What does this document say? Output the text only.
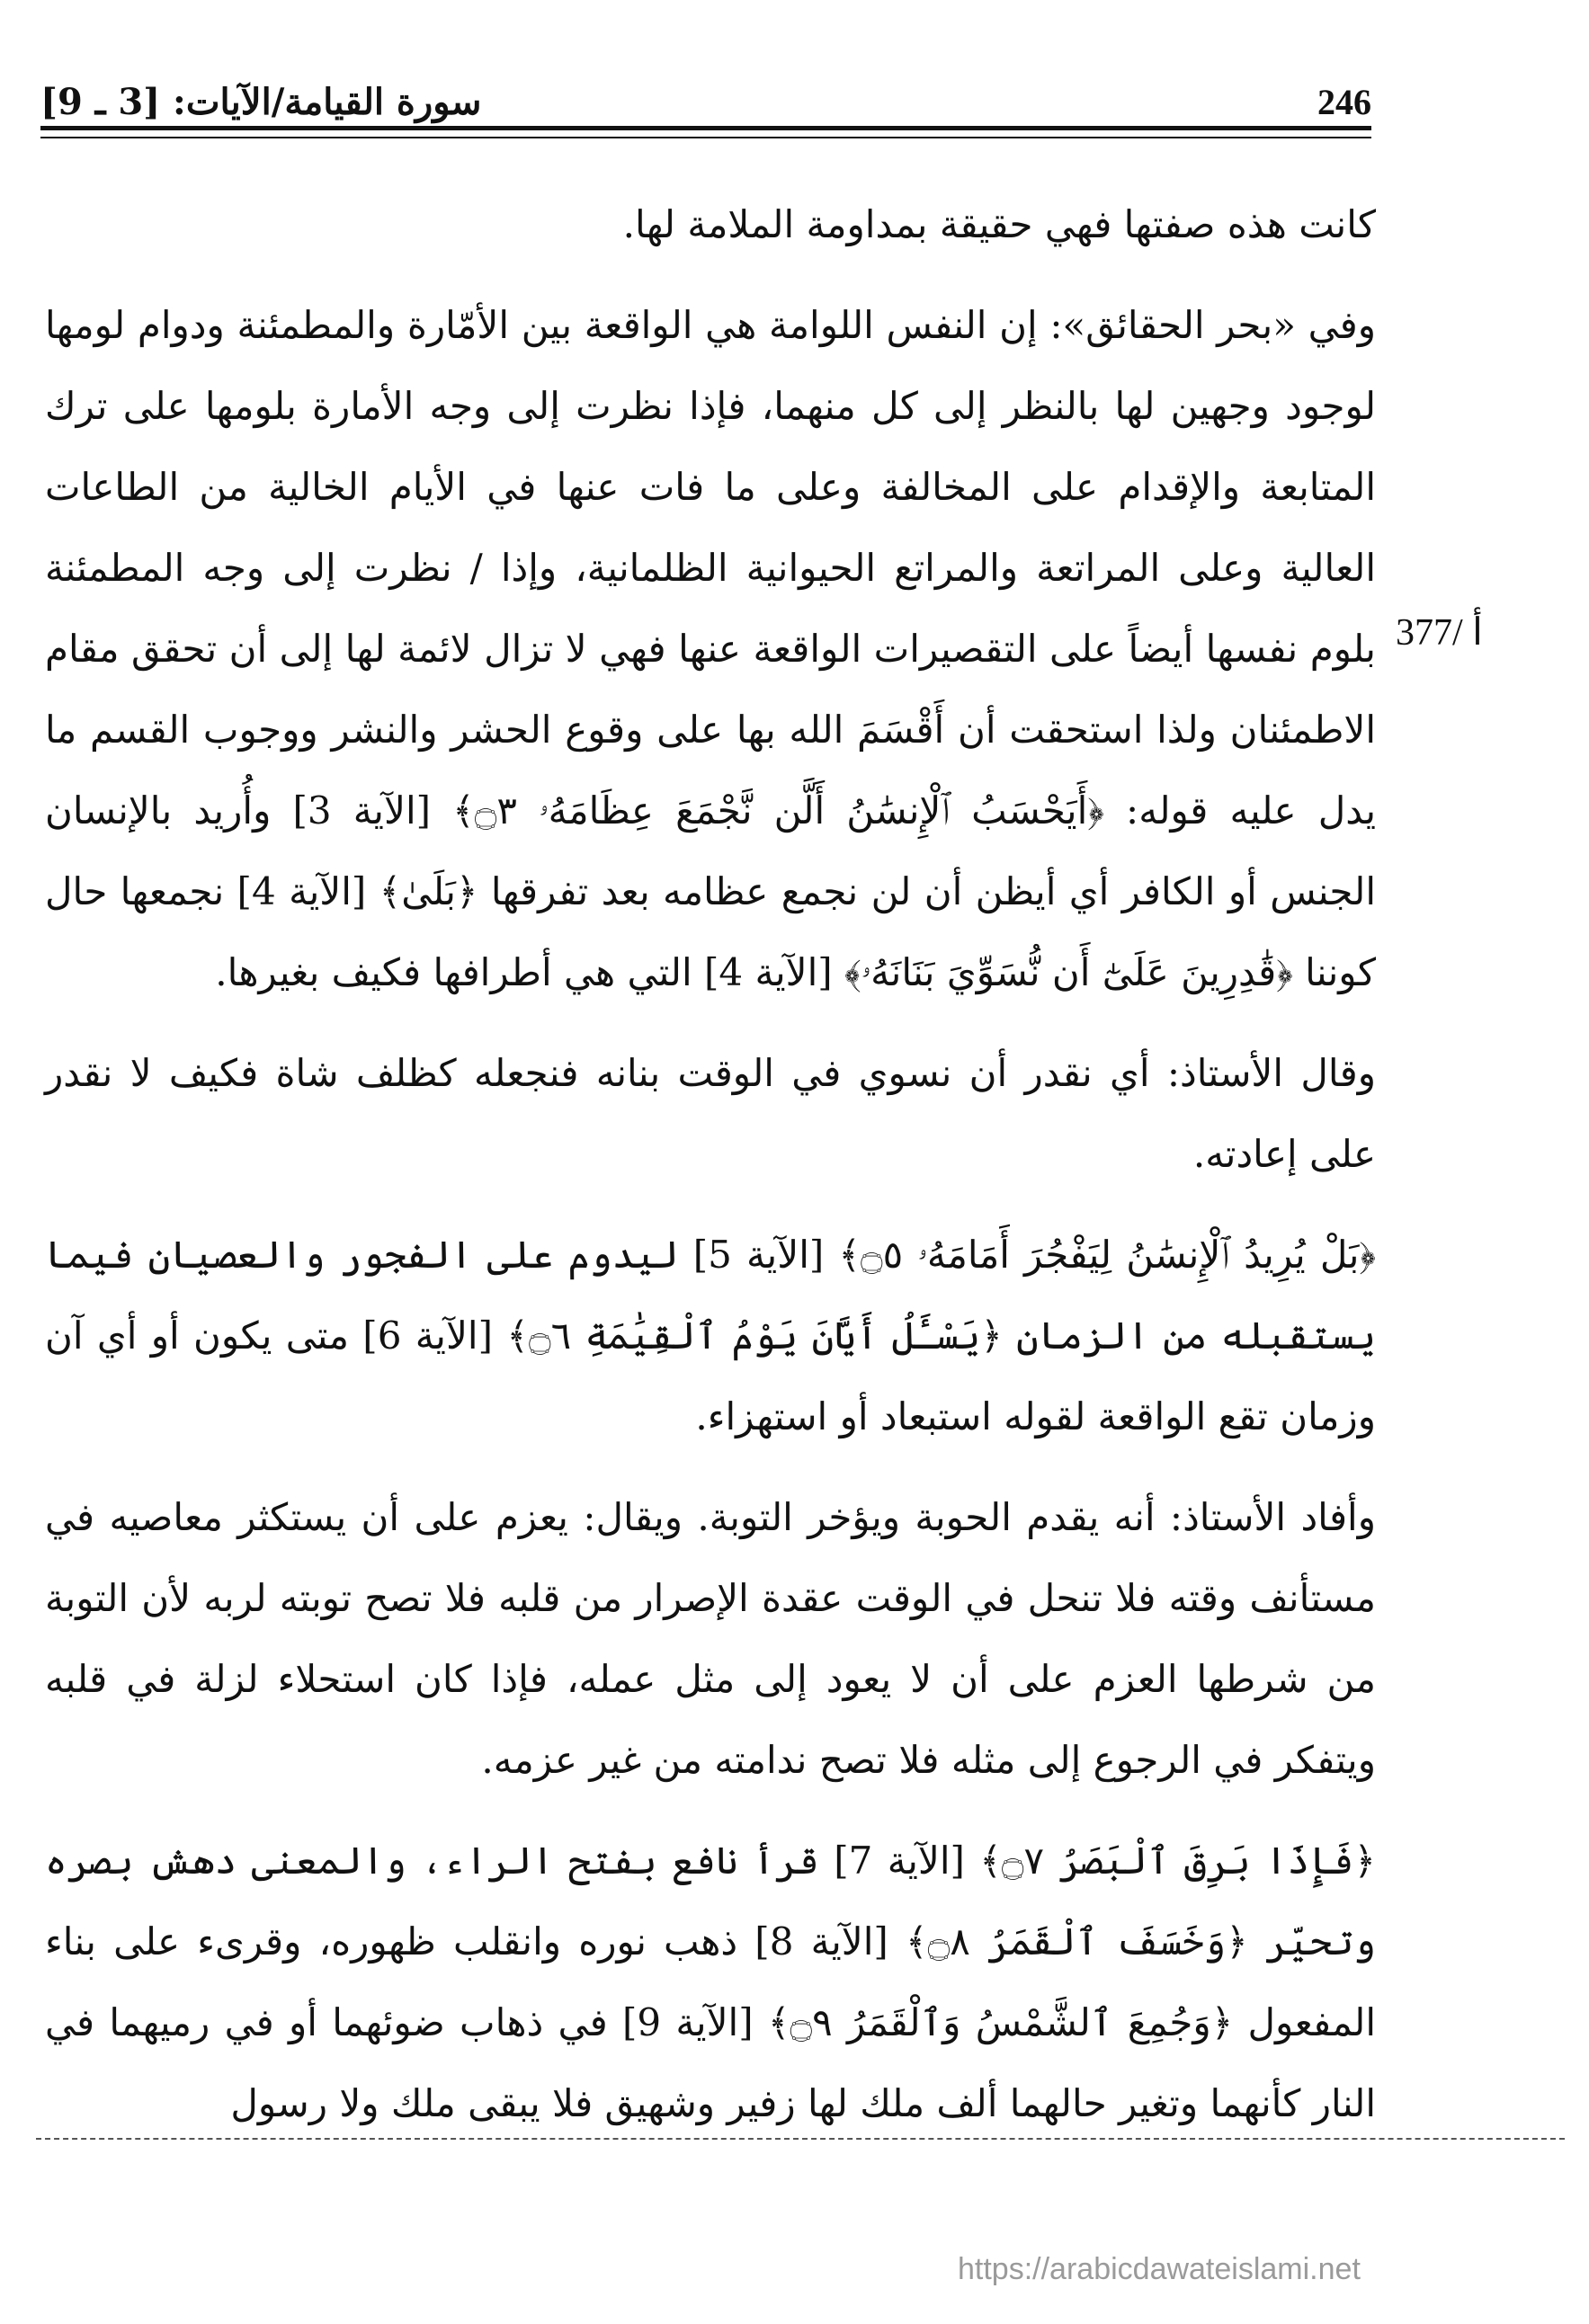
سورة القيامة/الآيات: [3 ـ 9]	246
377/ أ

كانت هذه صفتها فهي حقيقة بمداومة الملامة لها.

وفي «بحر الحقائق»: إن النفس اللوامة هي الواقعة بين الأمّارة والمطمئنة ودوام لومها لوجود وجهين لها بالنظر إلى كل منهما، فإذا نظرت إلى وجه الأمارة بلومها على ترك المتابعة والإقدام على المخالفة وعلى ما فات عنها في الأيام الخالية من الطاعات العالية وعلى المراتعة والمراتع الحيوانية الظلمانية، وإذا / نظرت إلى وجه المطمئنة بلوم نفسها أيضاً على التقصيرات الواقعة عنها فهي لا تزال لائمة لها إلى أن تحقق مقام الاطمئنان ولذا استحقت أن أَقْسَمَ الله بها على وقوع الحشر والنشر ووجوب القسم ما يدل عليه قوله: ﴿أَيَحْسَبُ ٱلْإِنسَٰنُ أَلَّن نَّجْمَعَ عِظَامَهُۥ ۝٣﴾ [الآية 3] وأُريد بالإنسان الجنس أو الكافر أي أيظن أن لن نجمع عظامه بعد تفرقها ﴿بَلَىٰ﴾ [الآية 4] نجمعها حال كوننا ﴿قَٰدِرِينَ عَلَىٰٓ أَن نُّسَوِّيَ بَنَانَهُۥ﴾ [الآية 4] التي هي أطرافها فكيف بغيرها.

وقال الأستاذ: أي نقدر أن نسوي في الوقت بنانه فنجعله كظلف شاة فكيف لا نقدر على إعادته.

﴿بَلْ يُرِيدُ ٱلْإِنسَٰنُ لِيَفْجُرَ أَمَامَهُۥ ۝٥﴾ [الآية 5] ليدوم على الفجور والعصيان فيما يستقبله من الزمان ﴿يَسْـَٔلُ أَيَّانَ يَوْمُ ٱلْقِيَٰمَةِ ۝٦﴾ [الآية 6] متى يكون أو أي آن وزمان تقع الواقعة لقوله استبعاد أو استهزاء.

وأفاد الأستاذ: أنه يقدم الحوبة ويؤخر التوبة. ويقال: يعزم على أن يستكثر معاصيه في مستأنف وقته فلا تنحل في الوقت عقدة الإصرار من قلبه فلا تصح توبته لربه لأن التوبة من شرطها العزم على أن لا يعود إلى مثل عمله، فإذا كان استحلاء لزلة في قلبه ويتفكر في الرجوع إلى مثله فلا تصح ندامته من غير عزمه.

﴿فَإِذَا بَرِقَ ٱلْبَصَرُ ۝٧﴾ [الآية 7] قرأ نافع بفتح الراء، والمعنى دهش بصره وتحيّر ﴿وَخَسَفَ ٱلْقَمَرُ ۝٨﴾ [الآية 8] ذهب نوره وانقلب ظهوره، وقرىء على بناء المفعول ﴿وَجُمِعَ ٱلشَّمْسُ وَٱلْقَمَرُ ۝٩﴾ [الآية 9] في ذهاب ضوئهما أو في رميهما في النار كأنهما وتغير حالهما ألف ملك لها زفير وشهيق فلا يبقى ملك ولا رسول

https://arabicdawateislami.net
